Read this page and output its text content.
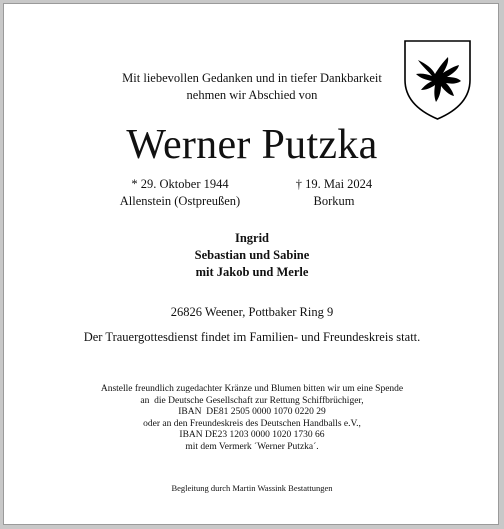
Mit liebevollen Gedanken und in tiefer Dankbarkeit
nehmen wir Abschied von
Werner Putzka
* 29. Oktober 1944
Allenstein (Ostpreußen)
† 19. Mai 2024
Borkum
Ingrid
Sebastian und Sabine
mit Jakob und Merle
26826 Weener, Pottbaker Ring 9
Der Trauergottesdienst findet im Familien- und Freundeskreis statt.
Anstelle freundlich zugedachter Kränze und Blumen bitten wir um eine Spende
an  die Deutsche Gesellschaft zur Rettung Schiffbrüchiger,
IBAN  DE81 2505 0000 1070 0220 29
oder an den Freundeskreis des Deutschen Handballs e.V.,
IBAN DE23 1203 0000 1020 1730 66
mit dem Vermerk ´Werner Putzka´.
Begleitung durch Martin Wassink Bestattungen
